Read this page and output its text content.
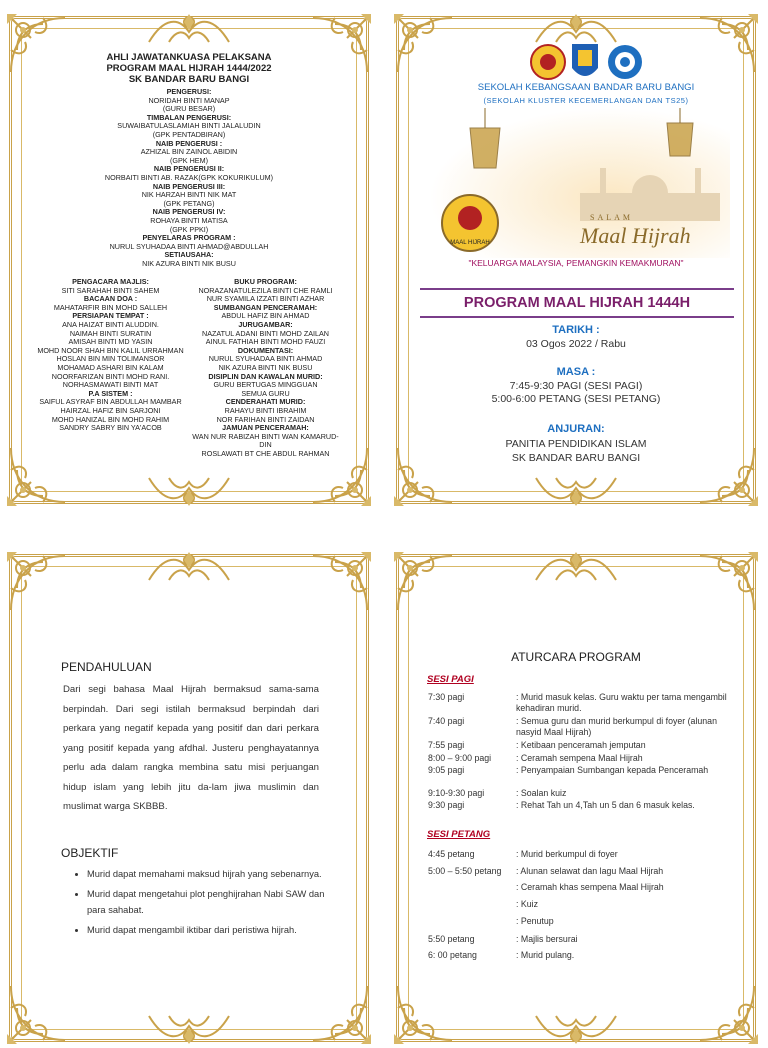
AHLI JAWATANKUASA PELAKSANA
PROGRAM MAAL HIJRAH 1444/2022
SK BANDAR BARU BANGI
PENGERUSI:
NORIDAH BINTI MANAP
(GURU BESAR)
TIMBALAN PENGERUSI:
SUWAIBATULASLAMIAH BINTI JALALUDIN
(GPK PENTADBIRAN)
NAIB PENGERUSI :
AZHIZAL BIN ZAINOL ABIDIN
(GPK HEM)
NAIB PENGERUSI II:
NORBAITI BINTI AB. RAZAK(GPK KOKURIKULUM)
NAIB PENGERUSI III:
NIK HARZAH BINTI NIK MAT
(GPK PETANG)
NAIB PENGERUSI IV:
ROHAYA BINTI MATISA
(GPK PPKI)
PENYELARAS PROGRAM :
NURUL SYUHADAA BINTI AHMAD@ABDULLAH
SETIAUSAHA:
NIK AZURA BINTI NIK BUSU
PENGACARA MAJLIS:
SITI SARAHAH BINTI SAHEM
BACAAN DOA :
MAHATARFIR BIN MOHD SALLEH
PERSIAPAN TEMPAT :
ANA HAIZAT BINTI ALUDDIN.
NAIMAH BINTI SURATIN
AMISAH BINTI MD YASIN
MOHD NOOR SHAH BIN KALIL URRAHMAN
HOSLAN BIN MIN TOLIMANSOR
MOHAMAD ASHARI BIN KALAM
NOORFARIZAN BINTI MOHD RANI.
NORHASMAWATI BINTI MAT
P.A SISTEM :
SAIFUL ASYRAF BIN ABDULLAH MAMBAR
HAIRZAL HAFIZ BIN SARJONI
MOHD HANIZAL BIN MOHD RAHIM
SANDRY SABRY BIN YA'ACOB
BUKU PROGRAM:
NORAZANATULEZILA BINTI CHE RAMLI
NUR SYAMILA IZZATI BINTI AZHAR
SUMBANGAN PENCERAMAH:
ABDUL HAFIZ BIN AHMAD
JURUGAMBAR:
NAZATUL ADANI BINTI MOHD ZAILAN
AINUL FATHIAH BINTI MOHD FAUZI
DOKUMENTASI:
NURUL SYUHADAA BINTI AHMAD
NIK AZURA BINTI NIK BUSU
DISIPLIN DAN KAWALAN MURID:
GURU BERTUGAS MINGGUAN
SEMUA GURU
CENDERAHATI MURID:
RAHAYU BINTI IBRAHIM
NOR FARIHAN BINTI ZAIDAN
JAMUAN PENCERAMAH:
WAN NUR RABIZAH BINTI WAN KAMARUD-
DIN
ROSLAWATI BT CHE ABDUL RAHMAN
SEKOLAH KEBANGSAAN BANDAR BARU BANGI
(SEKOLAH KLUSTER KECEMERLANGAN DAN TS25)
MAAL HIJRAH
SALAM
Maal Hijrah
"KELUARGA MALAYSIA, PEMANGKIN KEMAKMURAN"
PROGRAM MAAL HIJRAH 1444H
TARIKH :
03 Ogos 2022 / Rabu
MASA :
7:45-9:30 PAGI (SESI PAGI)
5:00-6:00 PETANG (SESI PETANG)
ANJURAN:
PANITIA PENDIDIKAN ISLAM
SK BANDAR BARU BANGI
PENDAHULUAN
Dari segi bahasa Maal Hijrah bermaksud sama-sama berpindah. Dari segi istilah bermaksud berpindah dari perkara yang negatif kepada yang positif dan dari perkara yang positif kepada yang afdhal. Justeru penghayatannya perlu ada dalam rangka membina satu misi perjuangan hidup islam yang lebih jitu da-lam jiwa muslimin dan muslimat warga SKBBB.
OBJEKTIF
• Murid dapat memahami maksud hijrah yang sebenarnya.
• Murid dapat mengetahui plot penghijrahan Nabi SAW dan para sahabat.
• Murid dapat mengambil iktibar dari peristiwa hijrah.
ATURCARA PROGRAM
SESI PAGI
7:30 pagi	: Murid masuk kelas. Guru waktu per tama mengambil kehadiran murid.
7:40 pagi	: Semua guru dan murid berkumpul di foyer (alunan nasyid Maal Hijrah)
7:55 pagi	: Ketibaan penceramah jemputan
8:00 – 9:00 pagi	: Ceramah sempena Maal Hijrah
9:05 pagi	: Penyampaian Sumbangan kepada Penceramah
9:10-9:30 pagi	: Soalan kuiz
9:30 pagi	: Rehat Tah un 4,Tah un 5 dan 6 masuk kelas.
SESI PETANG
4:45 petang	: Murid berkumpul di foyer
5:00 – 5:50 petang	: Alunan selawat dan lagu Maal Hijrah
: Ceramah khas sempena Maal Hijrah
: Kuiz
: Penutup
5:50 petang	: Majlis bersurai
6: 00 petang	: Murid pulang.
